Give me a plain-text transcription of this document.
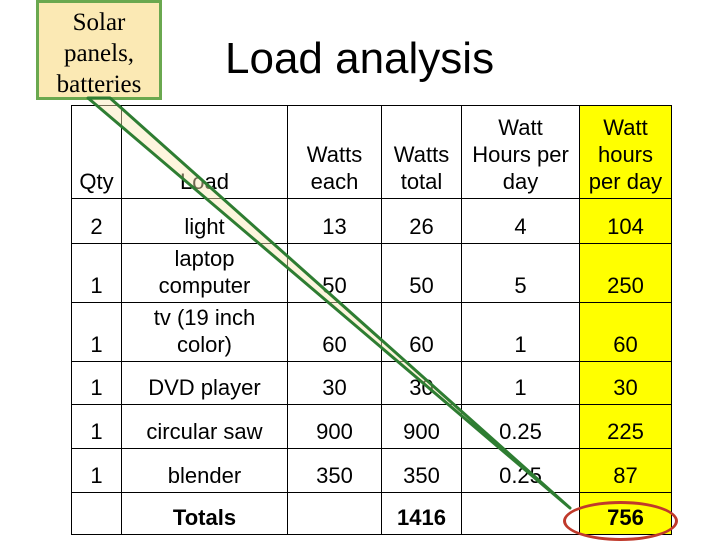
Solar panels, batteries
Load analysis
Qty	Load	Watts each	Watts total	Watt Hours per day	Watt hours per day
2	light	13	26	4	104
1	laptop computer	50	50	5	250
1	tv (19 inch color)	60	60	1	60
1	DVD player	30	30	1	30
1	circular saw	900	900	0.25	225
1	blender	350	350	0.25	87
	Totals		1416		756
